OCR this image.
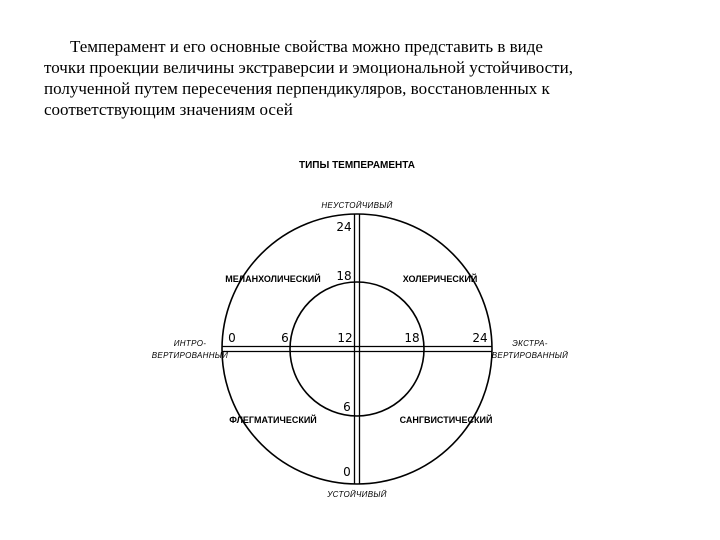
Темперамент и его основные свойства можно представить в виде
точки проекции величины экстраверсии и эмоциональной устойчивости,
полученной путем пересечения перпендикуляров, восстановленных к
соответствующим значениям осей

ТИПЫ ТЕМПЕРАМЕНТА
НЕУСТОЙЧИВЫЙ
УСТОЙЧИВЫЙ
ИНТРО-
ВЕРТИРОВАННЫЙ
ЭКСТРА-
ВЕРТИРОВАННЫЙ
МЕЛАНХОЛИЧЕСКИЙ	ХОЛЕРИЧЕСКИЙ
ФЛЕГМАТИЧЕСКИЙ	САНГВИСТИЧЕСКИЙ
24
18
6
0
0	6	12	18	24
